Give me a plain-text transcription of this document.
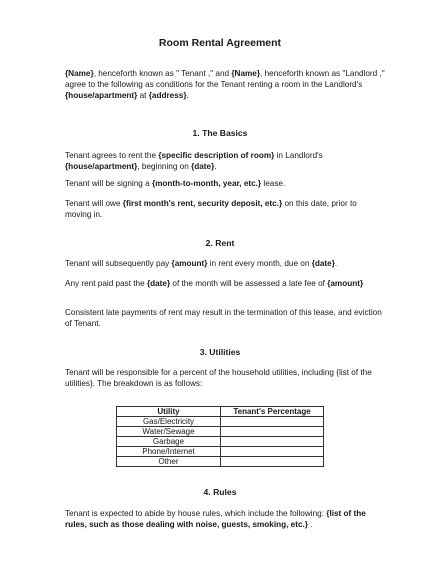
Room Rental Agreement
{Name}, henceforth known as " Tenant ," and {Name}, henceforth known as "Landlord ," agree to the following as conditions for the Tenant renting a room in the Landlord's {house/apartment} at {address}.
1. The Basics
Tenant agrees to rent the {specific description of room} in Landlord's {house/apartment}, beginning on {date}.
Tenant will be signing a {month-to-month, year, etc.} lease.
Tenant will owe {first month's rent, security deposit, etc.} on this date, prior to moving in.
2. Rent
Tenant will subsequently pay {amount} in rent every month, due on {date}.
Any rent paid past the {date} of the month will be assessed a late fee of {amount}
Consistent late payments of rent may result in the termination of this lease, and eviction of Tenant.
3. Utilities
Tenant will be responsible for a percent of the household utilities, including {list of the utilities}. The breakdown is as follows:
Utility	Tenant's Percentage
Gas/Electricity	
Water/Sewage	
Garbage	
Phone/Internet	
Other	
4. Rules
Tenant is expected to abide by house rules, which include the following: {list of the rules, such as those dealing with noise, guests, smoking, etc.} .
